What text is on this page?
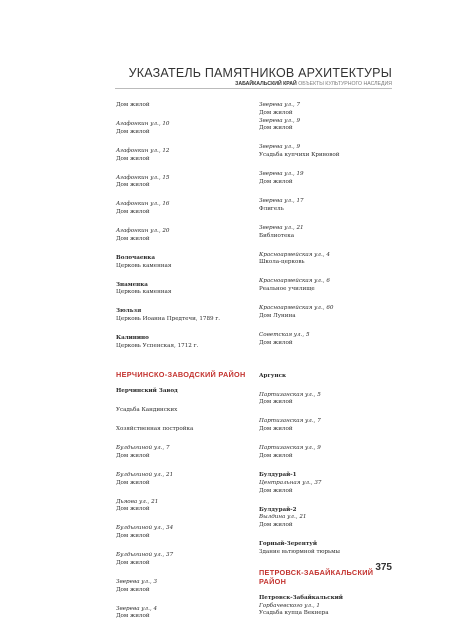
УКАЗАТЕЛЬ ПАМЯТНИКОВ АРХИТЕКТУРЫ
ЗАБАЙКАЛЬСКИЙ КРАЙ ОБЪЕКТЫ КУЛЬТУРНОГО НАСЛЕДИЯ
Дом жилой
Агафонкин ул., 10
Дом жилой
Агафонкин ул., 12
Дом жилой
Агафонкин ул., 15
Дом жилой
Агафонкин ул., 16
Дом жилой
Агафонкин ул., 20
Дом жилой
Волочаевка
Церковь каменная
Знаменка
Церковь каменная
Зюльзя
Церковь Иоанна Предтечи, 1789 г.
Калинино
Церковь Успенская, 1712 г.
НЕРЧИНСКО-ЗАВОДСКИЙ РАЙОН
Нерчинский Завод
Усадьба Кандинских
Хозяйственная постройка
Булдыгиной ул., 7
Дом жилой
Булдыгиной ул., 21
Дом жилой
Дьяова ул., 21
Дом жилой
Булдыгиной ул., 34
Дом жилой
Булдыгиной ул., 37
Дом жилой
Зверева ул., 3
Дом жилой
Зверева ул., 4
Дом жилой
Зверева ул., 7
Дом жилой
Зверева ул., 9
Дом жилой
Зверева ул., 9
Усадьба купчихи Кривовой
Зверева ул., 19
Дом жилой
Зверева ул., 17
Флигель
Зверева ул., 21
Библиотека
Красноармейская ул., 4
Школа-церковь
Красноармейская ул., 6
Реальное училище
Красноармейская ул., 60
Дом Лунина
Советская ул., 5
Дом жилой
Аргунск
Партизанская ул., 5
Дом жилой
Партизанская ул., 7
Дом жилой
Партизанская ул., 9
Дом жилой
Булдурай-1
Центральная ул., 37
Дом жилой
Булдурай-2
Вылдина ул., 21
Дом жилой
Горный-Зерентуй
Здание вьтюрмной тюрьмы
ПЕТРОВСК-ЗАБАЙКАЛЬСКИЙ
РАЙОН
Петровск-Забайкальский
Горбачевского ул., 1
Усадьба купца Векнера
375
